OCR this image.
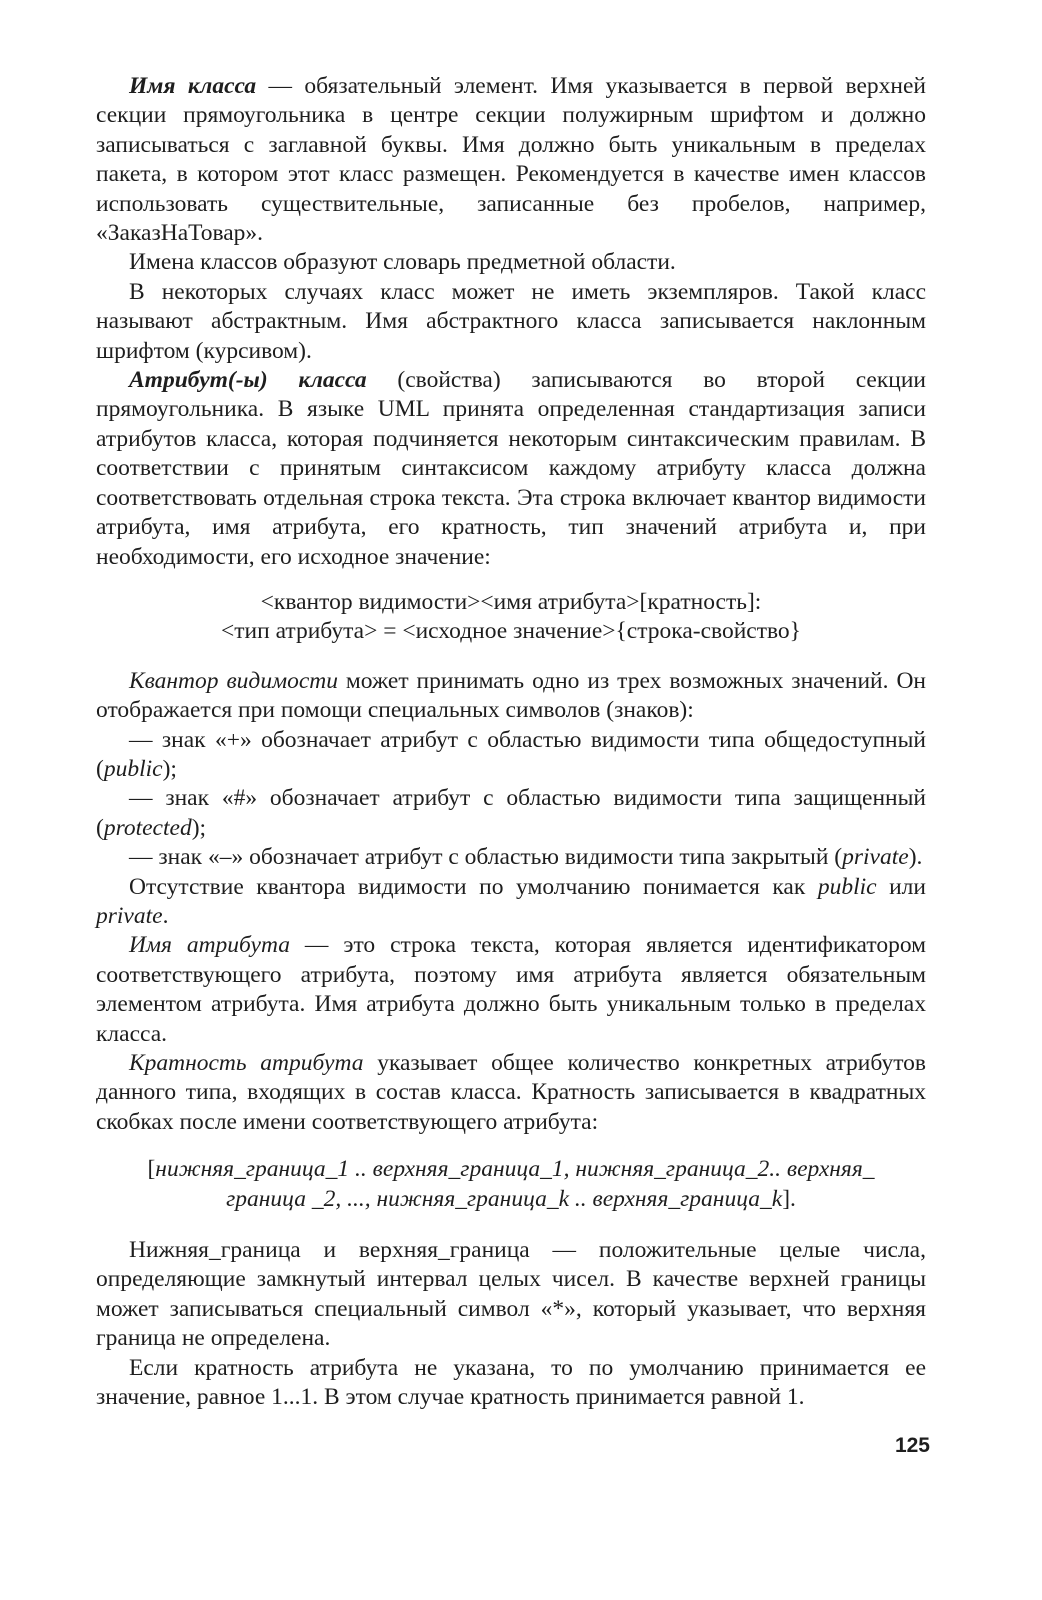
Имя класса — обязательный элемент. Имя указывается в первой верхней секции прямоугольника в центре секции полужирным шрифтом и должно записываться с заглавной буквы. Имя должно быть уникальным в пределах пакета, в котором этот класс размещен. Рекомендуется в качестве имен классов использовать существительные, записанные без пробелов, например, «ЗаказНаТовар».

Имена классов образуют словарь предметной области.

В некоторых случаях класс может не иметь экземпляров. Такой класс называют абстрактным. Имя абстрактного класса записывается наклонным шрифтом (курсивом).

Атрибут(-ы) класса (свойства) записываются во второй секции прямоугольника. В языке UML принята определенная стандартизация записи атрибутов класса, которая подчиняется некоторым синтаксическим правилам. В соответствии с принятым синтаксисом каждому атрибуту класса должна соответствовать отдельная строка текста. Эта строка включает квантор видимости атрибута, имя атрибута, его кратность, тип значений атрибута и, при необходимости, его исходное значение:

<квантор видимости><имя атрибута>[кратность]:
<тип атрибута> = <исходное значение>{строка-свойство}

Квантор видимости может принимать одно из трех возможных значений. Он отображается при помощи специальных символов (знаков):

— знак «+» обозначает атрибут с областью видимости типа общедоступный (public);

— знак «#» обозначает атрибут с областью видимости типа защищенный (protected);

— знак «–» обозначает атрибут с областью видимости типа закрытый (private).

Отсутствие квантора видимости по умолчанию понимается как public или private.

Имя атрибута — это строка текста, которая является идентификатором соответствующего атрибута, поэтому имя атрибута является обязательным элементом атрибута. Имя атрибута должно быть уникальным только в пределах класса.

Кратность атрибута указывает общее количество конкретных атрибутов данного типа, входящих в состав класса. Кратность записывается в квадратных скобках после имени соответствующего атрибута:

[нижняя_граница_1 .. верхняя_граница_1, нижняя_граница_2.. верхняя_
граница _2, ..., нижняя_граница_k .. верхняя_граница_k].

Нижняя_граница и верхняя_граница — положительные целые числа, определяющие замкнутый интервал целых чисел. В качестве верхней границы может записываться специальный символ «*», который указывает, что верхняя граница не определена.

Если кратность атрибута не указана, то по умолчанию принимается ее значение, равное 1...1. В этом случае кратность принимается равной 1.

125
